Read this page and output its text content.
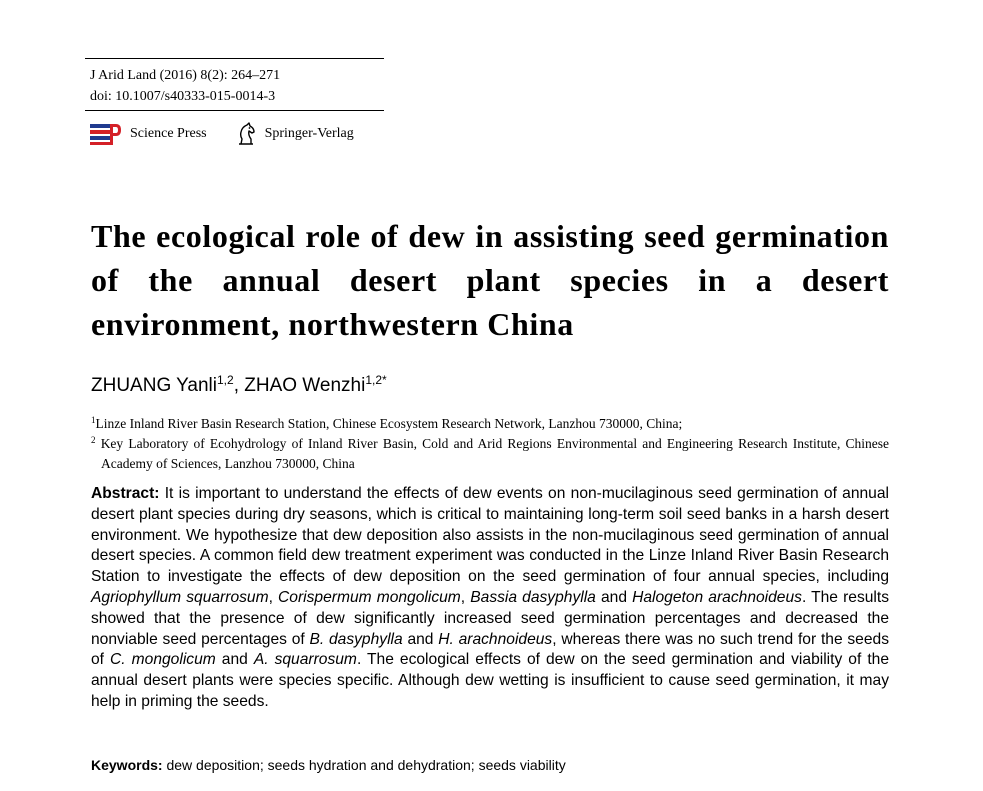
J Arid Land (2016) 8(2): 264–271
doi: 10.1007/s40333-015-0014-3
Science Press	Springer-Verlag
The ecological role of dew in assisting seed germination of the annual desert plant species in a desert environment, northwestern China
ZHUANG Yanli$^{1,2}$, ZHAO Wenzhi$^{1,2*}$
$^1$Linze Inland River Basin Research Station, Chinese Ecosystem Research Network, Lanzhou 730000, China;
$^2$ Key Laboratory of Ecohydrology of Inland River Basin, Cold and Arid Regions Environmental and Engineering Research Institute, Chinese Academy of Sciences, Lanzhou 730000, China

Abstract: It is important to understand the effects of dew events on non-mucilaginous seed germination of annual desert plant species during dry seasons, which is critical to maintaining long-term soil seed banks in a harsh desert environment. We hypothesize that dew deposition also assists in the non-mucilaginous seed germination of annual desert species. A common field dew treatment experiment was conducted in the Linze Inland River Basin Research Station to investigate the effects of dew deposition on the seed germination of four annual species, including Agriophyllum squarrosum, Corispermum mongolicum, Bassia dasyphylla and Halogeton arachnoideus. The results showed that the presence of dew significantly increased seed germination percentages and decreased the nonviable seed percentages of B. dasyphylla and H. arachnoideus, whereas there was no such trend for the seeds of C. mongolicum and A. squarrosum. The ecological effects of dew on the seed germination and viability of the annual desert plants were species specific. Although dew wetting is insufficient to cause seed germination, it may help in priming the seeds.

Keywords: dew deposition; seeds hydration and dehydration; seeds viability
